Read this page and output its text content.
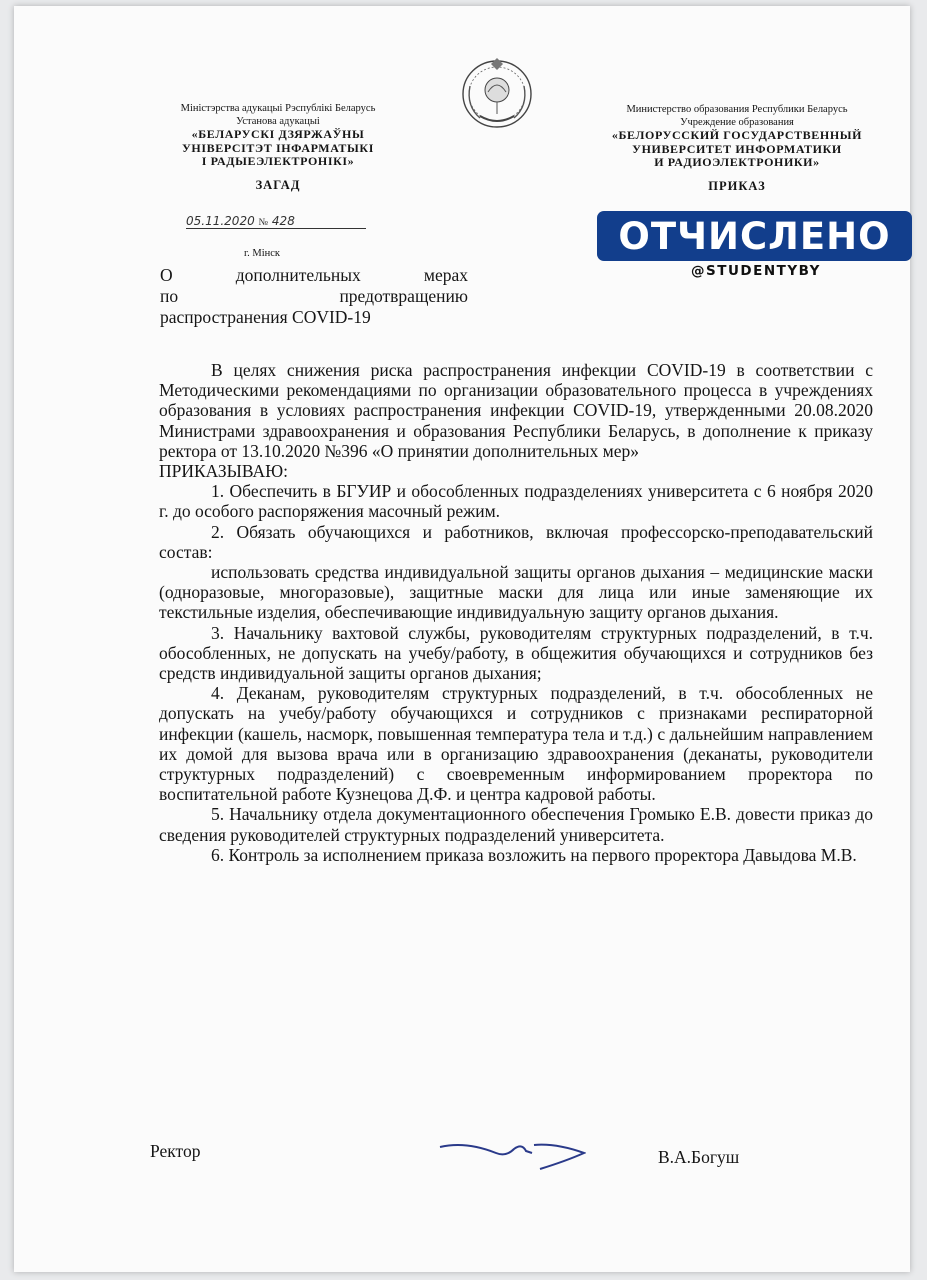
Міністэрства адукацыі Рэспублікі Беларусь
Установа адукацыі
«БЕЛАРУСКІ ДЗЯРЖАЎНЫ
УНІВЕРСІТЭТ ІНФАРМАТЫКІ
І РАДЫЕЭЛЕКТРОНІКІ»
ЗАГАД
Министерство образования Республики Беларусь
Учреждение образования
«БЕЛОРУССКИЙ ГОСУДАРСТВЕННЫЙ
УНИВЕРСИТЕТ ИНФОРМАТИКИ
И РАДИОЭЛЕКТРОНИКИ»
ПРИКАЗ
05.11.2020 № 428
г. Мінск	ОТЧИСЛЕНО
@STUDENTYBY
О	дополнительных	мерах
по	предотвращению
распространения COVID-19

В целях снижения риска распространения инфекции COVID-19 в соответствии с Методическими рекомендациями по организации образовательного процесса в учреждениях образования в условиях распространения инфекции COVID-19, утвержденными 20.08.2020 Министрами здравоохранения и образования Республики Беларусь, в дополнение к приказу ректора от 13.10.2020 №396 «О принятии дополнительных мер»

ПРИКАЗЫВАЮ:

1. Обеспечить в БГУИР и обособленных подразделениях университета с 6 ноября 2020 г. до особого распоряжения масочный режим.

2. Обязать обучающихся и работников, включая профессорско-преподавательский состав:

использовать средства индивидуальной защиты органов дыхания – медицинские маски (одноразовые, многоразовые), защитные маски для лица или иные заменяющие их текстильные изделия, обеспечивающие индивидуальную защиту органов дыхания.

3. Начальнику вахтовой службы, руководителям структурных подразделений, в т.ч. обособленных, не допускать на учебу/работу, в общежития обучающихся и сотрудников без средств индивидуальной защиты органов дыхания;

4. Деканам, руководителям структурных подразделений, в т.ч. обособленных не допускать на учебу/работу обучающихся и сотрудников с признаками респираторной инфекции (кашель, насморк, повышенная температура тела и т.д.) с дальнейшим направлением их домой для вызова врача или в организацию здравоохранения (деканаты, руководители структурных подразделений) с своевременным информированием проректора по воспитательной работе Кузнецова Д.Ф. и центра кадровой работы.

5. Начальнику отдела документационного обеспечения Громыко Е.В. довести приказ до сведения руководителей структурных подразделений университета.

6. Контроль за исполнением приказа возложить на первого проректора Давыдова М.В.

Ректор	В.А.Богуш
